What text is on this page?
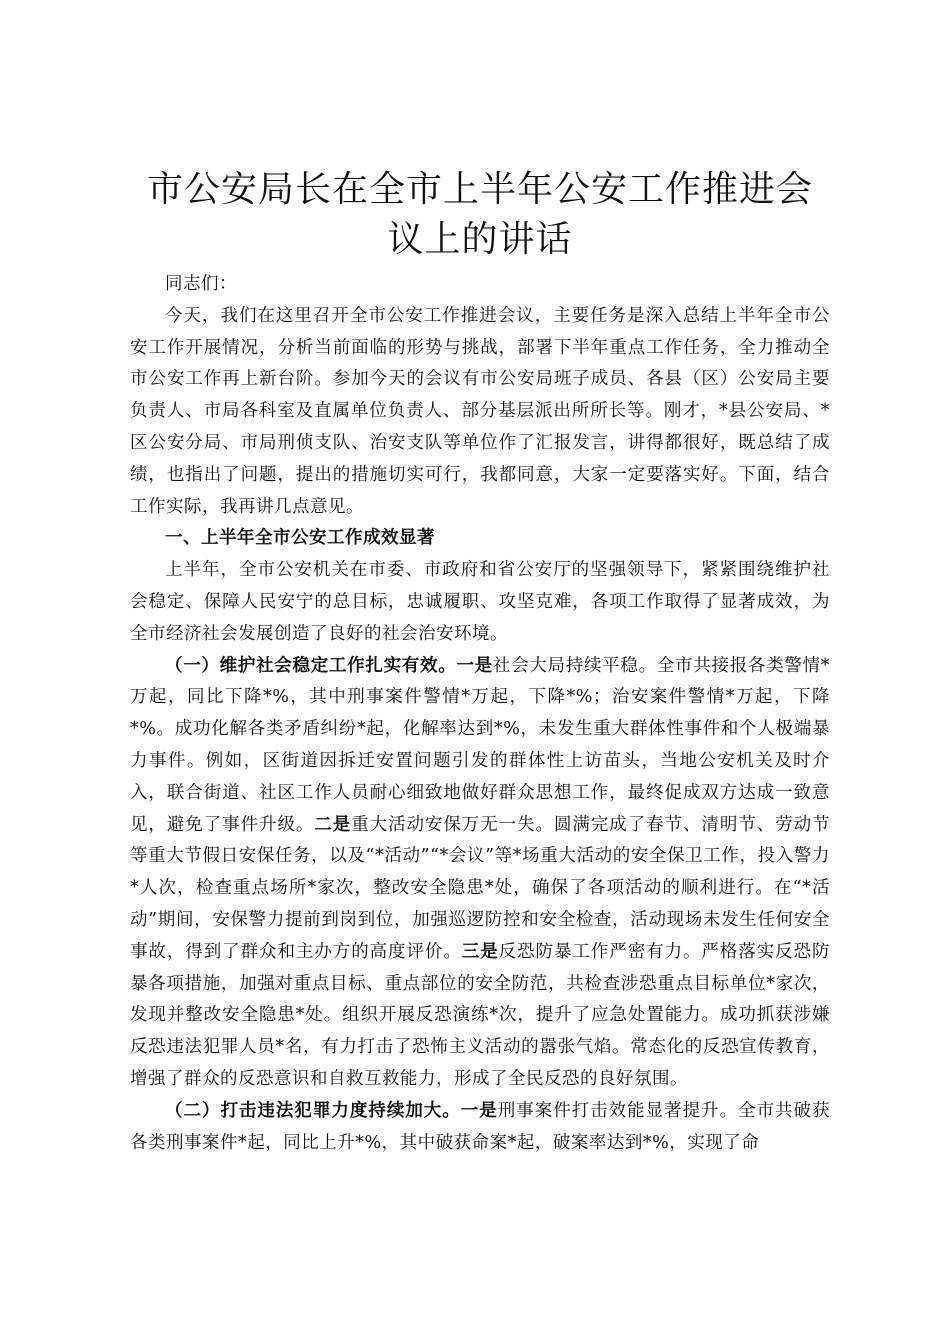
市公安局长在全市上半年公安工作推进会议上的讲话

同志们：

今天，我们在这里召开全市公安工作推进会议，主要任务是深入总结上半年全市公安工作开展情况，分析当前面临的形势与挑战，部署下半年重点工作任务，全力推动全市公安工作再上新台阶。参加今天的会议有市公安局班子成员、各县（区）公安局主要负责人、市局各科室及直属单位负责人、部分基层派出所所长等。刚才，*县公安局、*区公安分局、市局刑侦支队、治安支队等单位作了汇报发言，讲得都很好，既总结了成绩，也指出了问题，提出的措施切实可行，我都同意，大家一定要落实好。下面，结合工作实际，我再讲几点意见。

一、上半年全市公安工作成效显著

上半年，全市公安机关在市委、市政府和省公安厅的坚强领导下，紧紧围绕维护社会稳定、保障人民安宁的总目标，忠诚履职、攻坚克难，各项工作取得了显著成效，为全市经济社会发展创造了良好的社会治安环境。

（一）维护社会稳定工作扎实有效。一是社会大局持续平稳。全市共接报各类警情*万起，同比下降*%，其中刑事案件警情*万起，下降*%；治安案件警情*万起，下降*%。成功化解各类矛盾纠纷*起，化解率达到*%，未发生重大群体性事件和个人极端暴力事件。例如，区街道因拆迁安置问题引发的群体性上访苗头，当地公安机关及时介入，联合街道、社区工作人员耐心细致地做好群众思想工作，最终促成双方达成一致意见，避免了事件升级。二是重大活动安保万无一失。圆满完成了春节、清明节、劳动节等重大节假日安保任务，以及“*活动”“*会议”等*场重大活动的安全保卫工作，投入警力*人次，检查重点场所*家次，整改安全隐患*处，确保了各项活动的顺利进行。在“*活动”期间，安保警力提前到岗到位，加强巡逻防控和安全检查，活动现场未发生任何安全事故，得到了群众和主办方的高度评价。三是反恐防暴工作严密有力。严格落实反恐防暴各项措施，加强对重点目标、重点部位的安全防范，共检查涉恐重点目标单位*家次，发现并整改安全隐患*处。组织开展反恐演练*次，提升了应急处置能力。成功抓获涉嫌反恐违法犯罪人员*名，有力打击了恐怖主义活动的嚣张气焰。常态化的反恐宣传教育，增强了群众的反恐意识和自救互救能力，形成了全民反恐的良好氛围。

（二）打击违法犯罪力度持续加大。一是刑事案件打击效能显著提升。全市共破获各类刑事案件*起，同比上升*%，其中破获命案*起，破案率达到*%，实现了命
